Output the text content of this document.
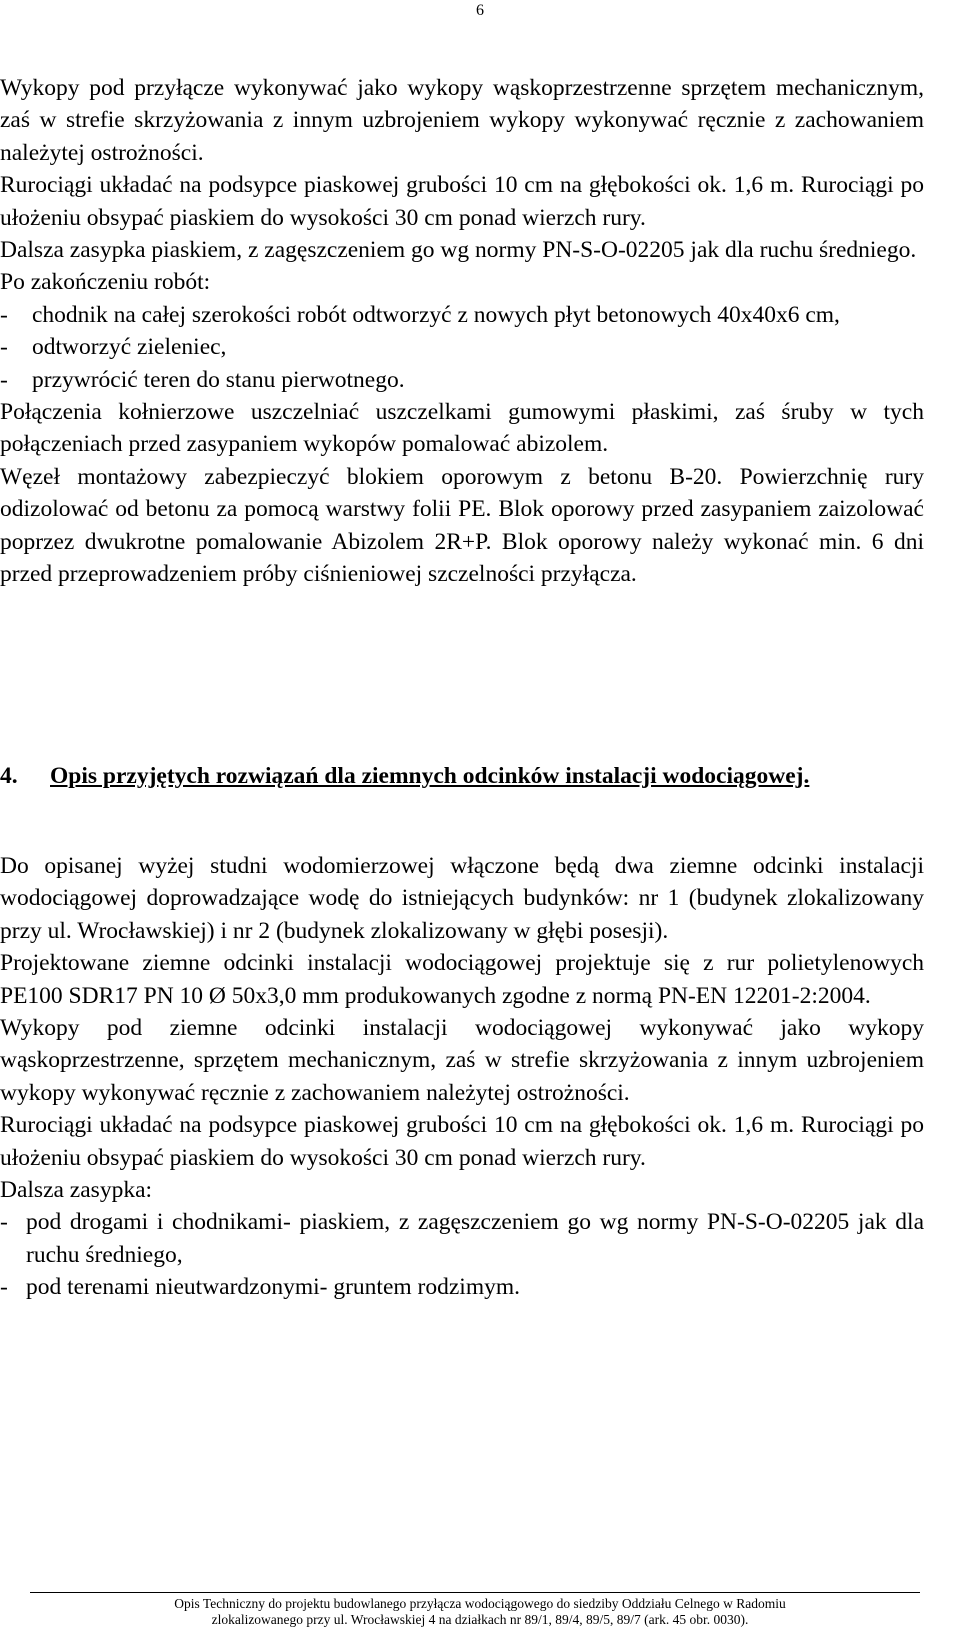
6

Wykopy pod przyłącze wykonywać jako wykopy wąskoprzestrzenne sprzętem mechanicznym, zaś w strefie skrzyżowania z innym uzbrojeniem wykopy wykonywać ręcznie z zachowaniem należytej ostrożności.

Rurociągi układać na podsypce piaskowej grubości 10 cm na głębokości ok. 1,6 m. Rurociągi po ułożeniu obsypać piaskiem do wysokości 30 cm ponad wierzch rury.

Dalsza zasypka piaskiem, z zagęszczeniem go wg normy PN-S-O-02205 jak dla ruchu średniego.

Po zakończeniu robót:

-	chodnik na całej szerokości robót odtworzyć z nowych płyt betonowych 40x40x6 cm,
-	odtworzyć zieleniec,
-	przywrócić teren do stanu pierwotnego.

Połączenia kołnierzowe uszczelniać uszczelkami gumowymi płaskimi, zaś śruby w tych połączeniach przed zasypaniem wykopów pomalować abizolem.

Węzeł montażowy zabezpieczyć blokiem oporowym z betonu B-20. Powierzchnię rury odizolować od betonu za pomocą warstwy folii PE. Blok oporowy przed zasypaniem zaizolować poprzez dwukrotne pomalowanie Abizolem 2R+P. Blok oporowy należy wykonać min. 6 dni przed przeprowadzeniem próby ciśnieniowej szczelności przyłącza.

4. Opis przyjętych rozwiązań dla ziemnych odcinków instalacji wodociągowej.

Do opisanej wyżej studni wodomierzowej włączone będą dwa ziemne odcinki instalacji wodociągowej doprowadzające wodę do istniejących budynków: nr 1 (budynek zlokalizowany przy ul. Wrocławskiej) i nr 2 (budynek zlokalizowany w głębi posesji).

Projektowane ziemne odcinki instalacji wodociągowej projektuje się z rur polietylenowych PE100 SDR17 PN 10 Ø 50x3,0 mm produkowanych zgodne z normą PN-EN 12201-2:2004.

Wykopy pod ziemne odcinki instalacji wodociągowej wykonywać jako wykopy wąskoprzestrzenne, sprzętem mechanicznym, zaś w strefie skrzyżowania z innym uzbrojeniem wykopy wykonywać ręcznie z zachowaniem należytej ostrożności.

Rurociągi układać na podsypce piaskowej grubości 10 cm na głębokości ok. 1,6 m. Rurociągi po ułożeniu obsypać piaskiem do wysokości 30 cm ponad wierzch rury.

Dalsza zasypka:

- pod drogami i chodnikami- piaskiem, z zagęszczeniem go wg normy PN-S-O-02205 jak dla ruchu średniego,
- pod terenami nieutwardzonymi- gruntem rodzimym.
Opis Techniczny do projektu budowlanego przyłącza wodociągowego do siedziby Oddziału Celnego w Radomiu
zlokalizowanego przy ul. Wrocławskiej 4 na działkach nr 89/1, 89/4, 89/5, 89/7 (ark. 45 obr. 0030).
